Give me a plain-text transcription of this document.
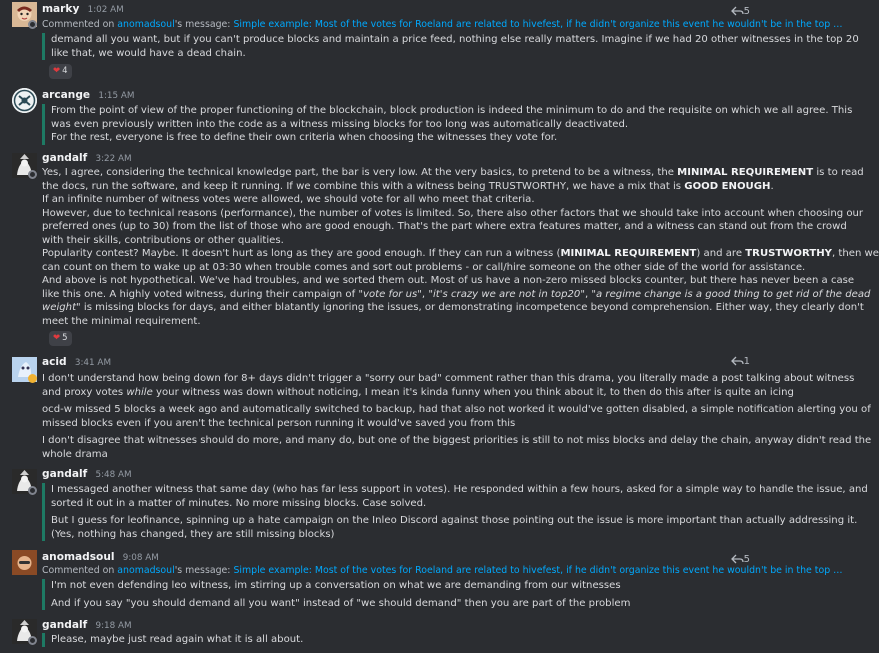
marky 1:02 AM
Commented on anomadsoul's message: Simple example: Most of the votes for Roeland are related to hivefest, if he didn't organize this event he wouldn't be in the top …
5
demand all you want, but if you can't produce blocks and maintain a price feed, nothing else really matters. Imagine if we had 20 other witnesses in the top 20
like that, we would have a dead chain.
❤ 4
arcange 1:15 AM
From the point of view of the proper functioning of the blockchain, block production is indeed the minimum to do and the requisite on which we all agree. This
was even previously written into the code as a witness missing blocks for too long was automatically deactivated.
For the rest, everyone is free to define their own criteria when choosing the witnesses they vote for.
gandalf 3:22 AM
Yes, I agree, considering the technical knowledge part, the bar is very low. At the very basics, to pretend to be a witness, the MINIMAL REQUIREMENT is to read
the docs, run the software, and keep it running. If we combine this with a witness being TRUSTWORTHY, we have a mix that is GOOD ENOUGH.
If an infinite number of witness votes were allowed, we should vote for all who meet that criteria.
However, due to technical reasons (performance), the number of votes is limited. So, there also other factors that we should take into account when choosing our
preferred ones (up to 30) from the list of those who are good enough. That's the part where extra features matter, and a witness can stand out from the crowd
with their skills, contributions or other qualities.
Popularity contest? Maybe. It doesn't hurt as long as they are good enough. If they can run a witness (MINIMAL REQUIREMENT) and are TRUSTWORTHY, then we
can count on them to wake up at 03:30 when trouble comes and sort out problems - or call/hire someone on the other side of the world for assistance.
And above is not hypothetical. We've had troubles, and we sorted them out. Most of us have a non-zero missed blocks counter, but there has never been a case
like this one. A highly voted witness, during their campaign of "vote for us", "it's crazy we are not in top20", "a regime change is a good thing to get rid of the dead
weight" is missing blocks for days, and either blatantly ignoring the issues, or demonstrating incompetence beyond comprehension. Either way, they clearly don't
meet the minimal requirement.
❤ 5
acid 3:41 AM	1
I don't understand how being down for 8+ days didn't trigger a "sorry our bad" comment rather than this drama, you literally made a post talking about witness
and proxy votes while your witness was down without noticing, I mean it's kinda funny when you think about it, to then do this after is quite an icing
ocd-w missed 5 blocks a week ago and automatically switched to backup, had that also not worked it would've gotten disabled, a simple notification alerting you of
missed blocks even if you aren't the technical person running it would've saved you from this
I don't disagree that witnesses should do more, and many do, but one of the biggest priorities is still to not miss blocks and delay the chain, anyway didn't read the
whole drama
gandalf 5:48 AM
I messaged another witness that same day (who has far less support in votes). He responded within a few hours, asked for a simple way to handle the issue, and
sorted it out in a matter of minutes. No more missing blocks. Case solved.
But I guess for leofinance, spinning up a hate campaign on the Inleo Discord against those pointing out the issue is more important than actually addressing it.
(Yes, nothing has changed, they are still missing blocks)
anomadsoul 9:08 AM	5
Commented on anomadsoul's message: Simple example: Most of the votes for Roeland are related to hivefest, if he didn't organize this event he wouldn't be in the top …
I'm not even defending leo witness, im stirring up a conversation on what we are demanding from our witnesses
And if you say "you should demand all you want" instead of "we should demand" then you are part of the problem
gandalf 9:18 AM
Please, maybe just read again what it is all about.
